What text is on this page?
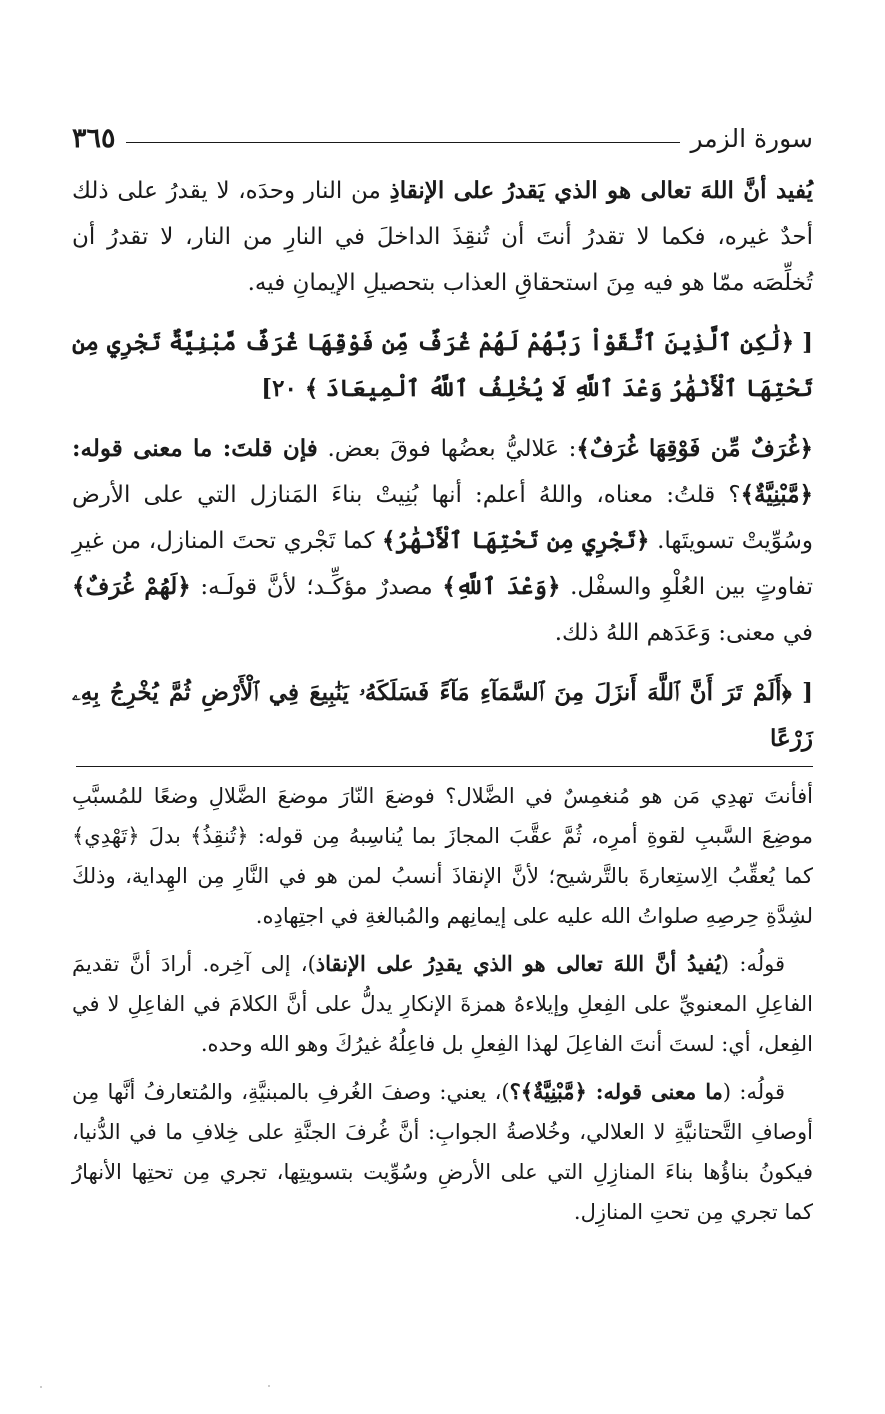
سورة الزمر
٣٦٥

يُفيد أنَّ اللهَ تعالى هو الذي يَقدرُ على الإنقاذِ من النار وحدَه، لا يقدرُ على ذلك أحدٌ غيره، فكما لا تقدرُ أنتَ أن تُنقِذَ الداخلَ في النارِ من النار، لا تقدرُ أن تُخلِّصَه ممّا هو فيه مِنَ استحقاقِ العذاب بتحصيلِ الإيمانِ فيه.

[ ﴿لَٰكِنِ ٱلَّذِينَ ٱتَّقَوْاْ رَبَّهُمْ لَهُمْ غُرَفٌ مِّن فَوْقِهَا غُرَفٌ مَّبْنِيَّةٌ تَجْرِي مِن تَحْتِهَا ٱلْأَنْهَٰرُ وَعْدَ ٱللَّهِ لَا يُخْلِفُ ٱللَّهُ ٱلْمِيعَادَ ﴾ ٢٠]

﴿غُرَفٌ مِّن فَوْقِهَا غُرَفٌ﴾: عَلاليُّ بعضُها فوقَ بعض. فإن قلتَ: ما معنى قوله: ﴿مَّبْنِيَّةٌ﴾؟ قلتُ: معناه، واللهُ أعلم: أنها بُنِيتْ بناءَ المَنازل التي على الأرض وسُوِّيتْ تسويتَها. ﴿تَجْرِي مِن تَحْتِهَا ٱلْأَنْهَٰرُ﴾ كما تَجْري تحتَ المنازل، من غيرِ تفاوتٍ بين العُلْوِ والسفْل. ﴿وَعْدَ ٱللَّهِ﴾ مصدرٌ مؤكِّـد؛ لأنَّ قولَـه: ﴿لَهُمْ غُرَفٌ﴾ في معنى: وَعَدَهم اللهُ ذلك.

[ ﴿أَلَمْ تَرَ أَنَّ ٱللَّهَ أَنزَلَ مِنَ ٱلسَّمَآءِ مَآءً فَسَلَكَهُۥ يَنَٰبِيعَ فِي ٱلْأَرْضِ ثُمَّ يُخْرِجُ بِهِۦ زَرْعًا

أفأنتَ تهدِي مَن هو مُنغمِسٌ في الضَّلال؟ فوضعَ النّارَ موضعَ الضَّلالِ وضعًا للمُسبَّبِ موضِعَ السَّببِ لقوةِ أمرِه، ثُمَّ عقَّبَ المجازَ بما يُناسِبهُ مِن قوله: ﴿تُنقِذُ﴾ بدلَ ﴿تَهْدِي﴾ كما يُعقِّبُ الِاستِعارةَ بالتَّرشيح؛ لأنَّ الإنقاذَ أنسبُ لمن هو في النَّارِ مِن الهِداية، وذلكَ لشِدَّةِ حِرصِهِ صلواتُ الله عليه على إيمانِهم والمُبالغةِ في اجتِهادِه.

قولُه: (يُفيدُ أنَّ اللهَ تعالى هو الذي يقدِرُ على الإنقاذ)، إلى آخِره. أرادَ أنَّ تقديمَ الفاعِلِ المعنويِّ على الفِعلِ وإيلاءهُ همزةَ الإنكارِ يدلُّ على أنَّ الكلامَ في الفاعِلِ لا في الفِعل، أي: لستَ أنتَ الفاعِلَ لهذا الفِعلِ بل فاعِلُهُ غيرُكَ وهو الله وحده.

قولُه: (ما معنى قوله: ﴿مَّبْنِيَّةٌ﴾؟)، يعني: وصفَ الغُرفِ بالمبنيَّةِ، والمُتعارفُ أنَّها مِن أوصافِ التَّحتانيَّةِ لا العلالي، وخُلاصةُ الجوابِ: أنَّ غُرفَ الجنَّةِ على خِلافِ ما في الدُّنيا، فيكونُ بناؤُها بناءَ المنازِلِ التي على الأرضِ وسُوِّيت بتسويتِها، تجري مِن تحتِها الأنهارُ كما تجري مِن تحتِ المنازِل.
